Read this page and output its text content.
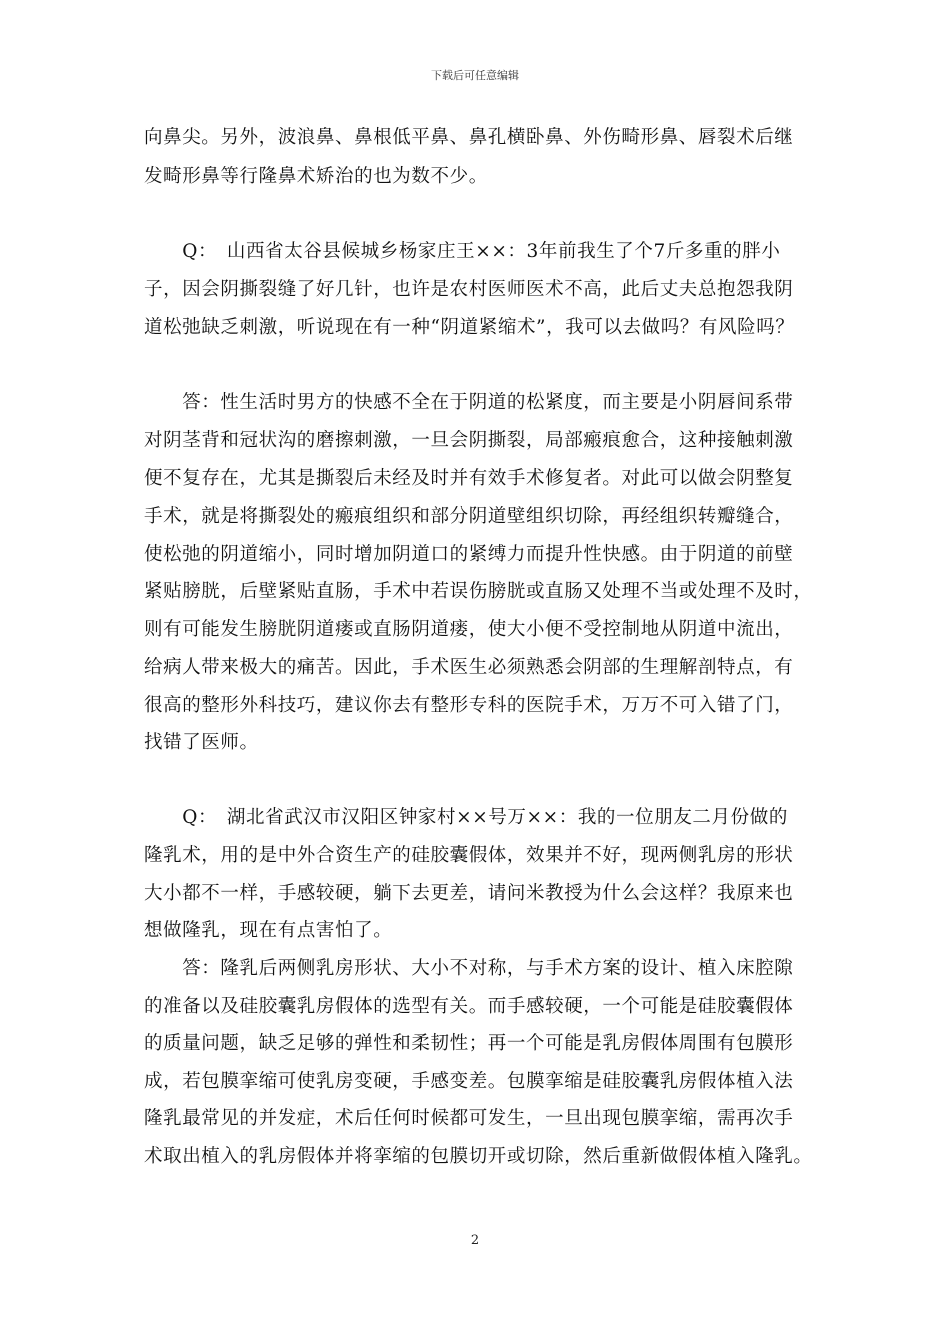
下载后可任意编辑
向鼻尖。另外，波浪鼻、鼻根低平鼻、鼻孔横卧鼻、外伤畸形鼻、唇裂术后继
发畸形鼻等行隆鼻术矫治的也为数不少。
　　Q：　山西省太谷县候城乡杨家庄王××：3年前我生了个7斤多重的胖小
子，因会阴撕裂缝了好几针，也许是农村医师医术不高，此后丈夫总抱怨我阴
道松弛缺乏刺激，听说现在有一种“阴道紧缩术”，我可以去做吗？有风险吗？
　　答：性生活时男方的快感不全在于阴道的松紧度，而主要是小阴唇间系带
对阴茎背和冠状沟的磨擦刺激，一旦会阴撕裂，局部瘢痕愈合，这种接触刺激
便不复存在，尤其是撕裂后未经及时并有效手术修复者。对此可以做会阴整复
手术，就是将撕裂处的瘢痕组织和部分阴道壁组织切除，再经组织转瓣缝合，
使松弛的阴道缩小，同时增加阴道口的紧缚力而提升性快感。由于阴道的前壁
紧贴膀胱，后壁紧贴直肠，手术中若误伤膀胱或直肠又处理不当或处理不及时，
则有可能发生膀胱阴道瘘或直肠阴道瘘，使大小便不受控制地从阴道中流出，
给病人带来极大的痛苦。因此，手术医生必须熟悉会阴部的生理解剖特点，有
很高的整形外科技巧，建议你去有整形专科的医院手术，万万不可入错了门，
找错了医师。
　　Q：　湖北省武汉市汉阳区钟家村××号万××：我的一位朋友二月份做的
隆乳术，用的是中外合资生产的硅胶囊假体，效果并不好，现两侧乳房的形状
大小都不一样，手感较硬，躺下去更差，请问米教授为什么会这样？我原来也
想做隆乳，现在有点害怕了。
　　答：隆乳后两侧乳房形状、大小不对称，与手术方案的设计、植入床腔隙
的准备以及硅胶囊乳房假体的选型有关。而手感较硬，一个可能是硅胶囊假体
的质量问题，缺乏足够的弹性和柔韧性；再一个可能是乳房假体周围有包膜形
成，若包膜挛缩可使乳房变硬，手感变差。包膜挛缩是硅胶囊乳房假体植入法
隆乳最常见的并发症，术后任何时候都可发生，一旦出现包膜挛缩，需再次手
术取出植入的乳房假体并将挛缩的包膜切开或切除，然后重新做假体植入隆乳。
2
